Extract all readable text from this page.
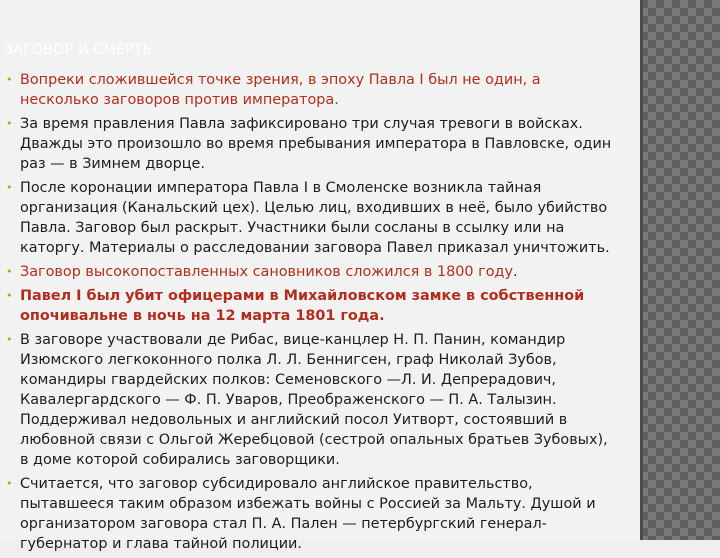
ЗАГОВОР И СМЕРТЬ
• Вопреки сложившейся точке зрения, в эпоху Павла I был не один, а несколько заговоров против императора.
• За время правления Павла зафиксировано три случая тревоги в войсках. Дважды это произошло во время пребывания императора в Павловске, один раз — в Зимнем дворце.
• После коронации императора Павла I в Смоленске возникла тайная организация (Канальский цех). Целью лиц, входивших в неё, было убийство Павла. Заговор был раскрыт. Участники были сосланы в ссылку или на каторгу. Материалы о расследовании заговора Павел приказал уничтожить.
• Заговор высокопоставленных сановников сложился в 1800 году.
• Павел I был убит офицерами в Михайловском замке в собственной опочивальне в ночь на 12 марта 1801 года.
• В заговоре участвовали де Рибас, вице-канцлер Н. П. Панин, командир Изюмского легкоконного полка Л. Л. Беннигсен, граф Николай Зубов, командиры гвардейских полков: Семеновского —Л. И. Депрерадович, Кавалергардского — Ф. П. Уваров, Преображенского — П. А. Талызин. Поддерживал недовольных и английский посол Уитворт, состоявший в любовной связи с Ольгой Жеребцовой (сестрой опальных братьев Зубовых), в доме которой собирались заговорщики.
• Считается, что заговор субсидировало английское правительство, пытавшееся таким образом избежать войны с Россией за Мальту. Душой и организатором заговора стал П. А. Пален — петербургский генерал-губернатор и глава тайной полиции.
